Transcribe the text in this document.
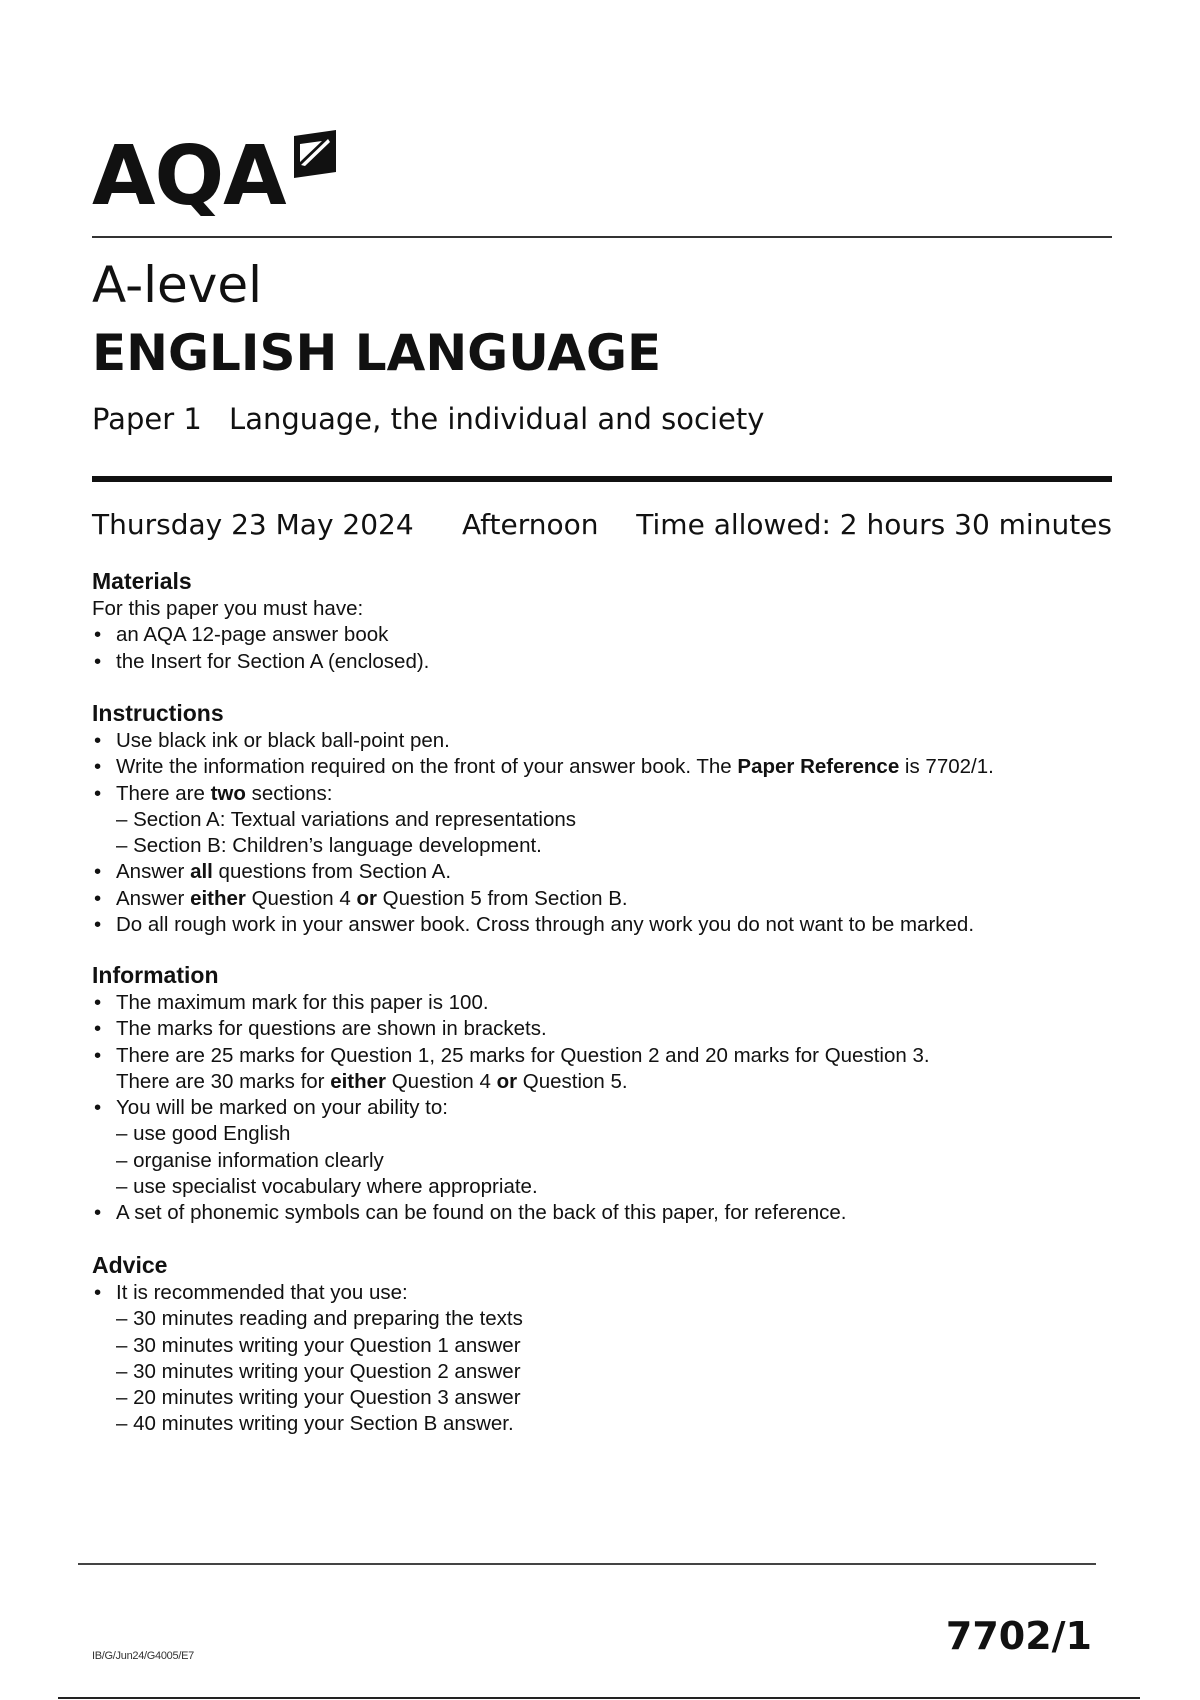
AQA
A-level
ENGLISH LANGUAGE
Paper 1 Language, the individual and society
Thursday 23 May 2024 Afternoon Time allowed: 2 hours 30 minutes
Materials

For this paper you must have:

• an AQA 12-page answer book
• the Insert for Section A (enclosed).
Instructions
• Use black ink or black ball-point pen.
• Write the information required on the front of your answer book. The Paper Reference is 7702/1.
• There are two sections:
– Section A: Textual variations and representations
– Section B: Children’s language development.
• Answer all questions from Section A.
• Answer either Question 4 or Question 5 from Section B.
• Do all rough work in your answer book. Cross through any work you do not want to be marked.
Information
• The maximum mark for this paper is 100.
• The marks for questions are shown in brackets.
• There are 25 marks for Question 1, 25 marks for Question 2 and 20 marks for Question 3.
There are 30 marks for either Question 4 or Question 5.
• You will be marked on your ability to:
– use good English
– organise information clearly
– use specialist vocabulary where appropriate.
• A set of phonemic symbols can be found on the back of this paper, for reference.
Advice
• It is recommended that you use:
– 30 minutes reading and preparing the texts
– 30 minutes writing your Question 1 answer
– 30 minutes writing your Question 2 answer
– 20 minutes writing your Question 3 answer
– 40 minutes writing your Section B answer.
IB/G/Jun24/G4005/E7	7702/1
